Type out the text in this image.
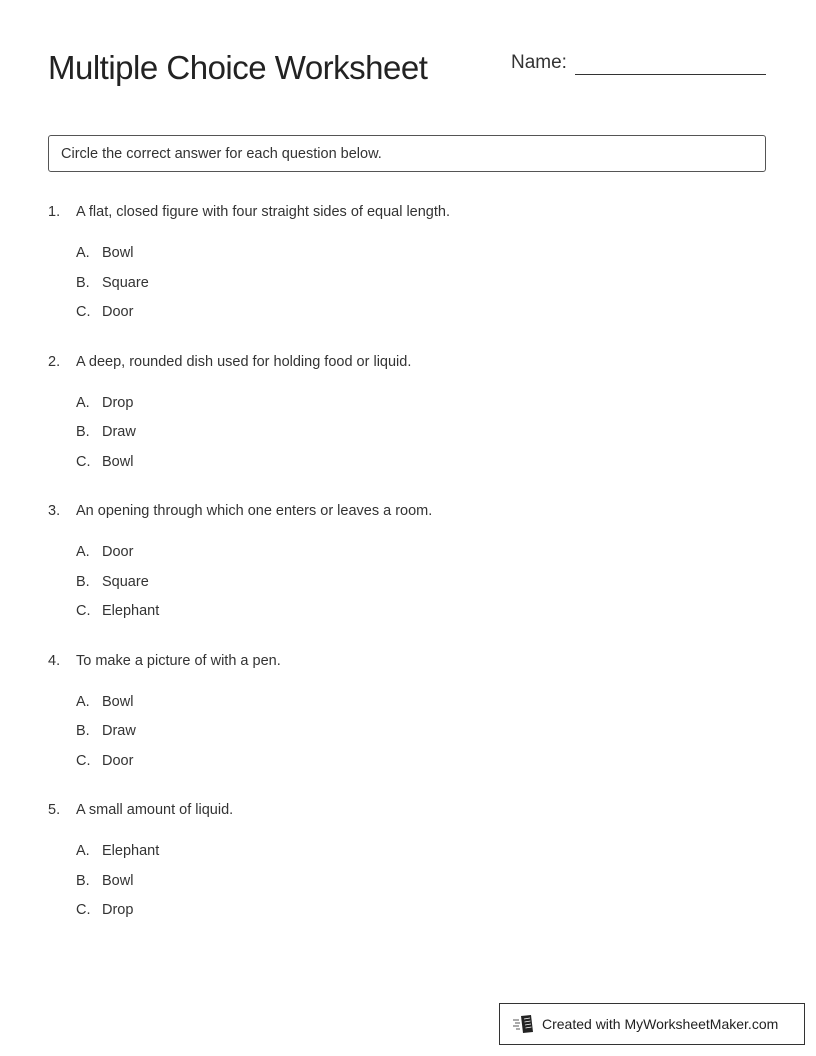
Multiple Choice Worksheet	Name:
Circle the correct answer for each question below.
1.	A flat, closed figure with four straight sides of equal length.
A. Bowl
B. Square
C. Door
2.	A deep, rounded dish used for holding food or liquid.
A. Drop
B. Draw
C. Bowl
3.	An opening through which one enters or leaves a room.
A. Door
B. Square
C. Elephant
4.	To make a picture of with a pen.
A. Bowl
B. Draw
C. Door
5.	A small amount of liquid.
A. Elephant
B. Bowl
C. Drop
Created with MyWorksheetMaker.com
